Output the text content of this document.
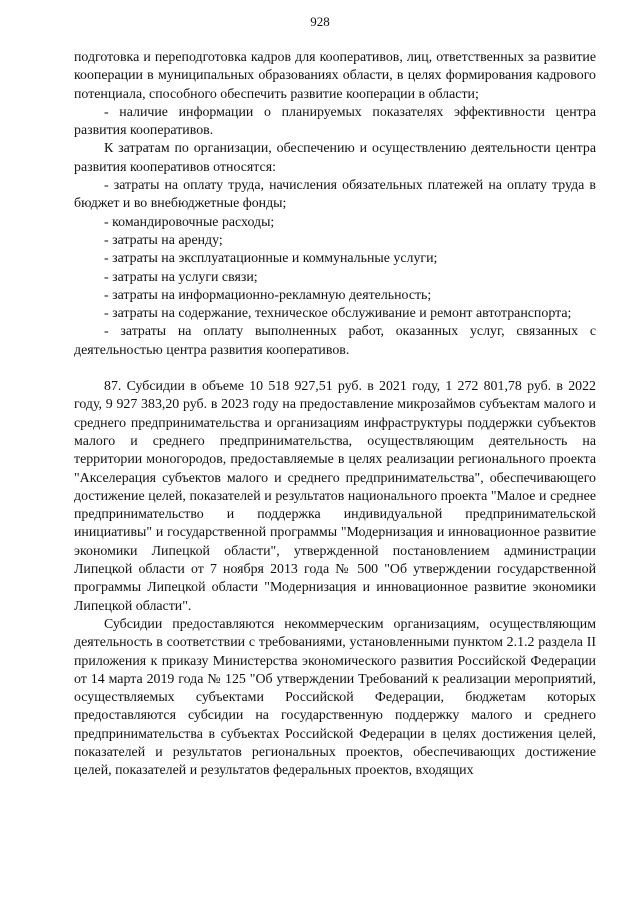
928

подготовка и переподготовка кадров для кооперативов, лиц, ответственных за развитие кооперации в муниципальных образованиях области, в целях формирования кадрового потенциала, способного обеспечить развитие кооперации в области;

- наличие информации о планируемых показателях эффективности центра развития кооперативов.

К затратам по организации, обеспечению и осуществлению деятельности центра развития кооперативов относятся:

- затраты на оплату труда, начисления обязательных платежей на оплату труда в бюджет и во внебюджетные фонды;

- командировочные расходы;

- затраты на аренду;

- затраты на эксплуатационные и коммунальные услуги;

- затраты на услуги связи;

- затраты на информационно-рекламную деятельность;

- затраты на содержание, техническое обслуживание и ремонт автотранспорта;

- затраты на оплату выполненных работ, оказанных услуг, связанных с деятельностью центра развития кооперативов.

87. Субсидии в объеме 10 518 927,51 руб. в 2021 году, 1 272 801,78 руб. в 2022 году, 9 927 383,20 руб. в 2023 году на предоставление микрозаймов субъектам малого и среднего предпринимательства и организациям инфраструктуры поддержки субъектов малого и среднего предпринимательства, осуществляющим деятельность на территории моногородов, предоставляемые в целях реализации регионального проекта "Акселерация субъектов малого и среднего предпринимательства", обеспечивающего достижение целей, показателей и результатов национального проекта "Малое и среднее предпринимательство и поддержка индивидуальной предпринимательской инициативы" и государственной программы "Модернизация и инновационное развитие экономики Липецкой области", утвержденной постановлением администрации Липецкой области от 7 ноября 2013 года № 500 "Об утверждении государственной программы Липецкой области "Модернизация и инновационное развитие экономики Липецкой области".

Субсидии предоставляются некоммерческим организациям, осуществляющим деятельность в соответствии с требованиями, установленными пунктом 2.1.2 раздела II приложения к приказу Министерства экономического развития Российской Федерации от 14 марта 2019 года № 125 "Об утверждении Требований к реализации мероприятий, осуществляемых субъектами Российской Федерации, бюджетам которых предоставляются субсидии на государственную поддержку малого и среднего предпринимательства в субъектах Российской Федерации в целях достижения целей, показателей и результатов региональных проектов, обеспечивающих достижение целей, показателей и результатов федеральных проектов, входящих
